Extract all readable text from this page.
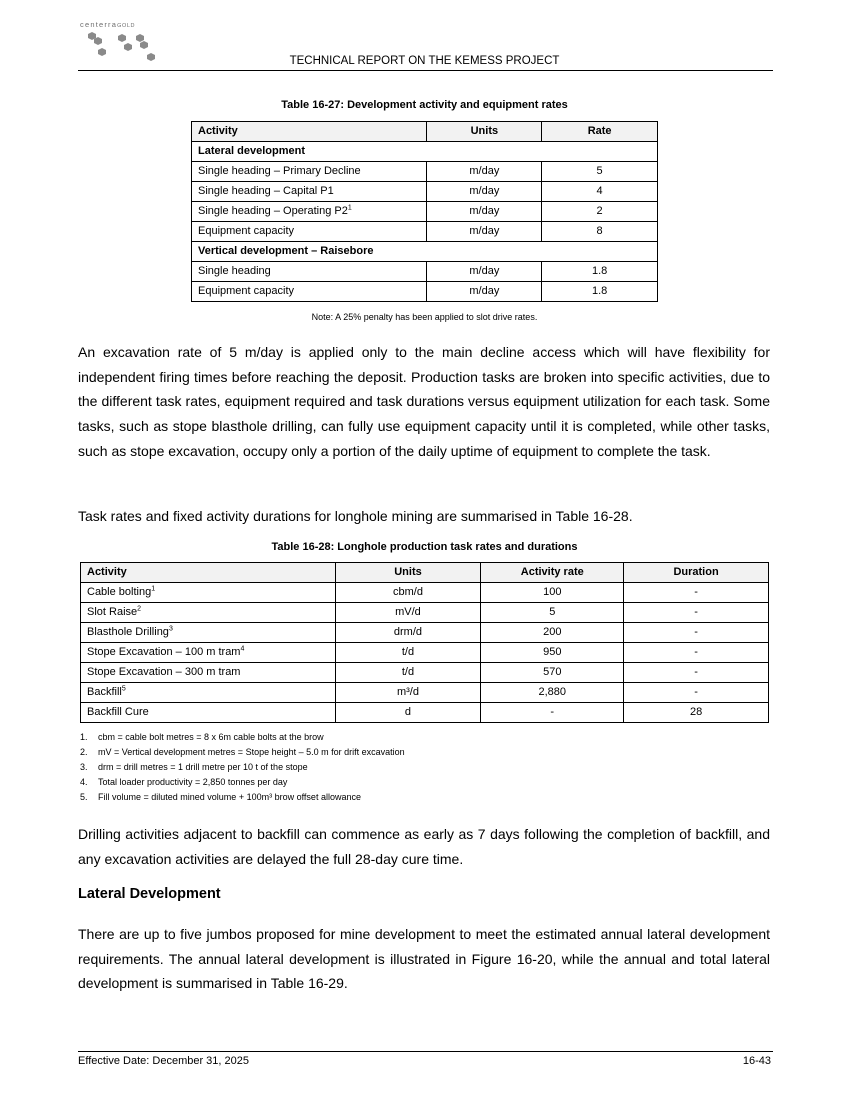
centerraGOLD
TECHNICAL REPORT ON THE KEMESS PROJECT
Table 16-27: Development activity and equipment rates
Activity	Units	Rate
Lateral development		
Single heading – Primary Decline	m/day	5
Single heading – Capital P1	m/day	4
Single heading – Operating $P2^1$	m/day	2
Equipment capacity	m/day	8
Vertical development – Raisebore		
Single heading	m/day	1.8
Equipment capacity	m/day	1.8
Note: A 25% penalty has been applied to slot drive rates.

An excavation rate of 5 m/day is applied only to the main decline access which will have flexibility for independent firing times before reaching the deposit. Production tasks are broken into specific activities, due to the different task rates, equipment required and task durations versus equipment utilization for each task. Some tasks, such as stope blasthole drilling, can fully use equipment capacity until it is completed, while other tasks, such as stope excavation, occupy only a portion of the daily uptime of equipment to complete the task.

Task rates and fixed activity durations for longhole mining are summarised in Table 16-28.

Table 16-28: Longhole production task rates and durations
Activity	Units	Activity rate	Duration
Cable bolting$^1$	cbm/d	100	-
Slot Raise$^2$	mV/d	5	-
Blasthole Drilling$^3$	drm/d	200	-
Stope Excavation – 100 m tram$^4$	t/d	950	-
Stope Excavation – 300 m tram	t/d	570	-
Backfill$^5$	m³/d	2,880	-
Backfill Cure	d	-	28
1. cbm = cable bolt metres = 8 x 6m cable bolts at the brow
2. mV = Vertical development metres = Stope height – 5.0 m for drift excavation
3. drm = drill metres = 1 drill metre per 10 t of the stope
4. Total loader productivity = 2,850 tonnes per day
5. Fill volume = diluted mined volume + 100m³ brow offset allowance

Drilling activities adjacent to backfill can commence as early as 7 days following the completion of backfill, and any excavation activities are delayed the full 28-day cure time.

Lateral Development

There are up to five jumbos proposed for mine development to meet the estimated annual lateral development requirements. The annual lateral development is illustrated in Figure 16-20, while the annual and total lateral development is summarised in Table 16-29.

Effective Date: December 31, 2025	16-43
